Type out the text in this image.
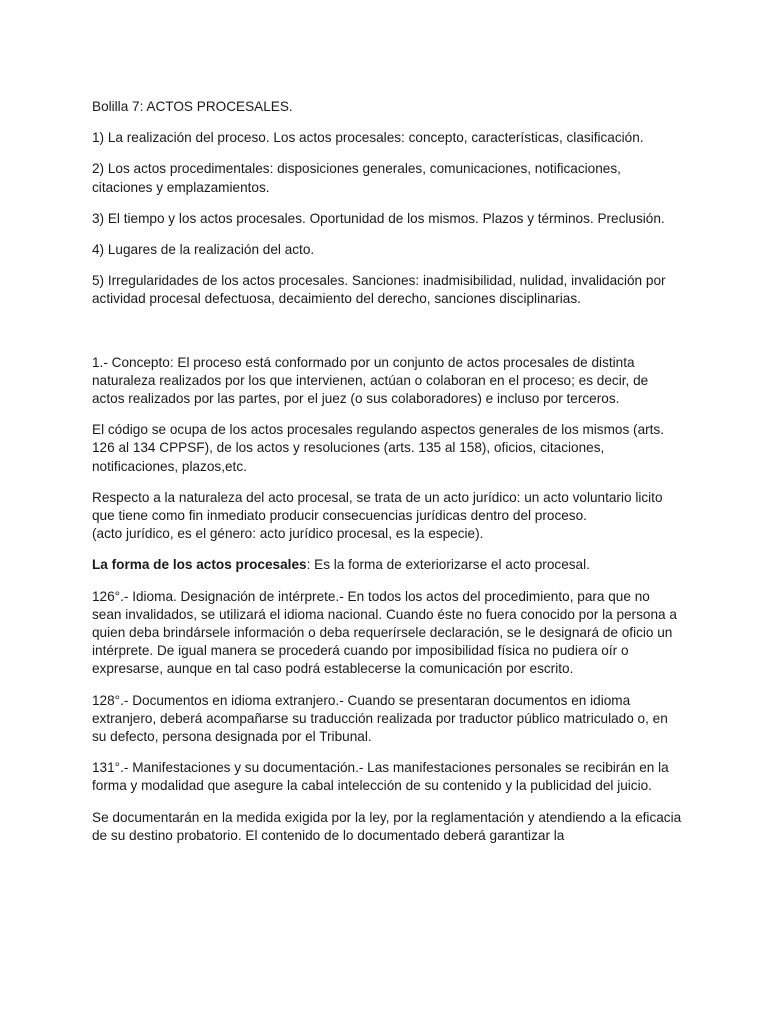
Bolilla 7: ACTOS PROCESALES.

1) La realización del proceso. Los actos procesales: concepto, características, clasificación.

2) Los actos procedimentales: disposiciones generales, comunicaciones, notificaciones, citaciones y emplazamientos.

3) El tiempo y los actos procesales. Oportunidad de los mismos. Plazos y términos. Preclusión.

4) Lugares de la realización del acto.

5) Irregularidades de los actos procesales. Sanciones: inadmisibilidad, nulidad, invalidación por actividad procesal defectuosa, decaimiento del derecho, sanciones disciplinarias.

1.- Concepto: El proceso está conformado por un conjunto de actos procesales de distinta naturaleza realizados por los que intervienen, actúan o colaboran en el proceso; es decir, de actos realizados por las partes, por el juez (o sus colaboradores) e incluso por terceros.

El código se ocupa de los actos procesales regulando aspectos generales de los mismos (arts. 126 al 134 CPPSF), de los actos y resoluciones (arts. 135 al 158), oficios, citaciones, notificaciones, plazos,etc.

Respecto a la naturaleza del acto procesal, se trata de un acto jurídico: un acto voluntario licito que tiene como fin inmediato producir consecuencias jurídicas dentro del proceso.
(acto jurídico, es el género: acto jurídico procesal, es la especie).

La forma de los actos procesales: Es la forma de exteriorizarse el acto procesal.

126°.- Idioma. Designación de intérprete.- En todos los actos del procedimiento, para que no sean invalidados, se utilizará el idioma nacional. Cuando éste no fuera conocido por la persona a quien deba brindársele información o deba requerírsele declaración, se le designará de oficio un intérprete. De igual manera se procederá cuando por imposibilidad física no pudiera oír o expresarse, aunque en tal caso podrá establecerse la comunicación por escrito.

128°.- Documentos en idioma extranjero.- Cuando se presentaran documentos en idioma extranjero, deberá acompañarse su traducción realizada por traductor público matriculado o, en su defecto, persona designada por el Tribunal.

131°.- Manifestaciones y su documentación.- Las manifestaciones personales se recibirán en la forma y modalidad que asegure la cabal intelección de su contenido y la publicidad del juicio.

Se documentarán en la medida exigida por la ley, por la reglamentación y atendiendo a la eficacia de su destino probatorio. El contenido de lo documentado deberá garantizar la
